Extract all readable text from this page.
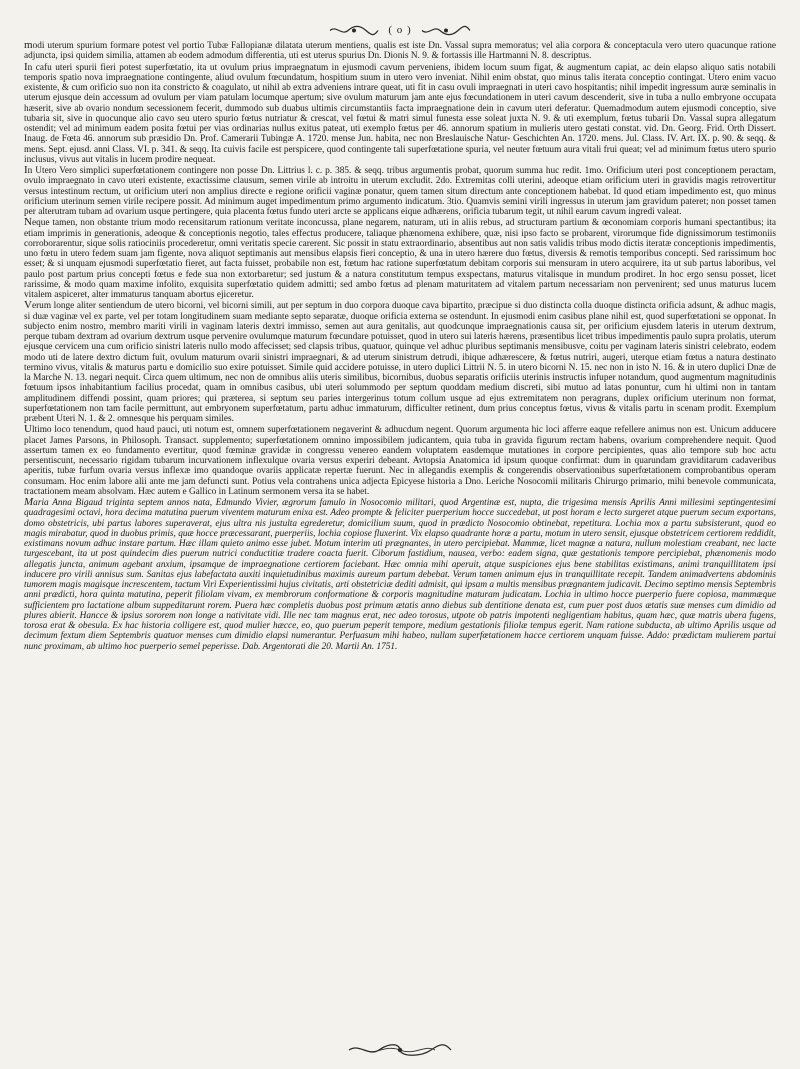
( o )

modi uterum spurium formare potest vel portio Tubæ Fallopianæ dilatata uterum mentiens, qualis est iste Dn. Vassal supra memoratus; vel alia corpora & conceptacula vero utero quacunque ratione adjuncta, ipsi quidem similia, attamen ab eodem admodum differentia, uti est uterus spurius Dn. Dionis N. 9. & fortassis ille Hartmanni N. 8. descriptus.

In cafu uteri spurii fieri potest superfœtatio, ita ut ovulum prius impraegnatum in ejusmodi cavum perveniens, ibidem locum suum figat, & augmentum capiat, ac dein elapso aliquo satis notabili temporis spatio nova impraegnatione contingente, aliud ovulum fœcundatum, hospitium suum in utero vero inveniat. Nihil enim obstat, quo minus talis iterata conceptio contingat. Utero enim vacuo existente, & cum orificio suo non ita constricto & coagulato, ut nihil ab extra adveniens intrare queat, uti fit in casu ovuli impraegnati in uteri cavo hospitantis; nihil impedit ingressum auræ seminalis in uterum ejusque dein accessum ad ovulum per viam patulam locumque apertum; sive ovulum maturum jam ante ejus fœcundationem in uteri cavum descenderit, sive in tuba a nullo embryone occupata hæserit, sive ab ovario nondum secessionem fecerit, dummodo sub duabus ultimis circumstantiis facta impraegnatione dein in cavum uteri deferatur. Quemadmodum autem ejusmodi conceptio, sive tubaria sit, sive in quocunque alio cavo seu utero spurio fœtus nutriatur & crescat, vel fœtui & matri simul funesta esse soleat juxta N. 9. & uti exemplum, fœtus tubarii Dn. Vassal supra allegatum ostendit; vel ad minimum eadem posita fœtui per vias ordinarias nullus exitus pateat, uti exemplo fœtus per 46. annorum spatium in mulieris utero gestati constat. vid. Dn. Georg. Frid. Orth Dissert. Inaug. de Fœta 46. annorum sub præsidio Dn. Prof. Camerarii Tubingæ A. 1720. mense Jun. habita, nec non Breslauische Natur- Geschichten An. 1720. mens. Jul. Class. IV. Art. IX. p. 90. & seqq. & mens. Sept. ejusd. anni Class. VI. p. 341. & seqq. Ita cuivis facile est perspicere, quod contingente tali superfœtatione spuria, vel neuter fœtuum aura vitali frui queat; vel ad minimum fœtus utero spurio inclusus, vivus aut vitalis in lucem prodire nequeat.

In Utero Vero simplici superfœtationem contingere non posse Dn. Littrius l. c. p. 385. & seqq. tribus argumentis probat, quorum summa huc redit. 1mo. Orificium uteri post conceptionem peractam, ovulo impraegnato in cavo uteri existente, exactissime clausum, semen virile ab introitu in uterum excludit. 2do. Extremitas colli uterini, adeoque etiam orificium uteri in gravidis magis retrovertitur versus intestinum rectum, ut orificium uteri non amplius directe e regione orificii vaginæ ponatur, quem tamen situm directum ante conceptionem habebat. Id quod etiam impedimento est, quo minus orificium uterinum semen virile recipere possit. Ad minimum auget impedimentum primo argumento indicatum. 3tio. Quamvis semini virili ingressus in uterum jam gravidum pateret; non posset tamen per alterutram tubam ad ovarium usque pertingere, quia placenta fœtus fundo uteri arcte se applicans eique adhærens, orificia tubarum tegit, ut nihil earum cavum ingredi valeat.

Neque tamen, non obstante trium modo recensitarum rationum veritate inconcussa, plane negarem, naturam, uti in aliis rebus, ad structuram partium & œconomiam corporis humani spectantibus; ita etiam imprimis in generationis, adeoque & conceptionis negotio, tales effectus producere, taliaque phænomena exhibere, quæ, nisi ipso facto se probarent, virorumque fide dignissimorum testimoniis corroborarentur, sique solis ratiociniis procederetur, omni veritatis specie carerent. Sic possit in statu extraordinario, absentibus aut non satis validis tribus modo dictis iteratæ conceptionis impedimentis, uno fœtu in utero fedem suam jam figente, nova aliquot septimanis aut mensibus elapsis fieri conceptio, & una in utero hærere duo fœtus, diversis & remotis temporibus concepti. Sed rarissimum hoc esset; & si unquam ejusmodi superfœtatio fieret, aut facta fuisset, probabile non est, fœtum hac ratione superfœtatum debitam corporis sui mensuram in utero acquirere, ita ut sub partus laboribus, vel paulo post partum prius concepti fœtus e fede sua non extorbaretur; sed justum & a natura constitutum tempus exspectans, maturus vitalisque in mundum prodiret. In hoc ergo sensu posset, licet rarissime, & modo quam maxime infolito, exquisita superfœtatio quidem admitti; sed ambo fœtus ad plenam maturitatem ad vitalem partum necessariam non pervenirent; sed unus maturus lucem vitalem aspiceret, alter immaturus tanquam abortus ejiceretur.

Verum longe aliter sentiendum de utero bicorni, vel bicorni simili, aut per septum in duo corpora duoque cava bipartito, præcipue si duo distincta colla duoque distincta orificia adsunt, & adhuc magis, si duæ vaginæ vel ex parte, vel per totam longitudinem suam mediante septo separatæ, duoque orificia externa se ostendunt. In ejusmodi enim casibus plane nihil est, quod superfœtationi se opponat. In subjecto enim nostro, membro mariti virili in vaginam lateris dextri immisso, semen aut aura genitalis, aut quodcunque impraegnationis causa sit, per orificium ejusdem lateris in uterum dextrum, perque tubam dextram ad ovarium dextrum usque pervenire ovulumque maturum fœcundare potuisset, quod in utero sui lateris hærens, præsentibus licet tribus impedimentis paulo supra prolatis, uterum ejusque cervicem una cum orificio sinistri lateris nullo modo affecisset; sed clapsis tribus, quatuor, quinque vel adhuc pluribus septimanis mensibusve, coitu per vaginam lateris sinistri celebrato, eodem modo uti de latere dextro dictum fuit, ovulum maturum ovarii sinistri impraegnari, & ad uterum sinistrum detrudi, ibique adhærescere, & fœtus nutriri, augeri, uterque etiam fœtus a natura destinato termino vivus, vitalis & maturus partu e domicilio suo exire potuisset. Simile quid accidere potuisse, in utero duplici Littrii N. 5. in utero bicorni N. 15. nec non in isto N. 16. & in utero duplici Dnæ de la Marche N. 13. negari nequit. Circa quem ultimum, nec non de omnibus aliis uteris similibus, bicornibus, duobus separatis orificiis uterinis instructis infuper notandum, quod augmentum magnitudinis fœtuum ipsos inhabitantium facilius procedat, quam in omnibus casibus, ubi uteri solummodo per septum quoddam medium discreti, sibi mutuo ad latas ponuntur, cum hi ultimi non in tantam amplitudinem diffendi possint, quam priores; qui præterea, si septum seu paries intergerinus totum collum usque ad ejus extremitatem non peragrans, duplex orificium uterinum non format, superfœtationem non tam facile permittunt, aut embryonem superfœtatum, partu adhuc immaturum, difficulter retinent, dum prius conceptus fœtus, vivus & vitalis partu in scenam prodit. Exemplum præbent Uteri N. 1. & 2. omnesque his perquam similes.

Ultimo loco tenendum, quod haud pauci, uti notum est, omnem superfœtationem negaverint & adhucdum negent. Quorum argumenta hic loci afferre eaque refellere animus non est. Unicum adducere placet James Parsons, in Philosoph. Transact. supplemento; superfœtationem omnino impossibilem judicantem, quia tuba in gravida figurum rectam habens, ovarium comprehendere nequit. Quod assertum tamen ex eo fundamento evertitur, quod fœminæ gravidæ in congressu venereo eandem voluptatem easdemque mutationes in corpore percipientes, quas alio tempore sub hoc actu persentiscunt, necessario rigidam tubarum incurvationem inflexulque ovaria versus experiri debeant. Avtopsia Anatomica id ipsum quoque confirmat: dum in quarundam graviditarum cadaveribus aperitis, tubæ furfum ovaria versus inflexæ imo quandoque ovariis applicatæ repertæ fuerunt. Nec in allegandis exemplis & congerendis observationibus superfœtationem comprobantibus operam consumam. Hoc enim labore alii ante me jam defuncti sunt. Potius vela contrahens unica adjecta Epicyese historia a Dno. Leriche Nosocomii militaris Chirurgo primario, mihi benevole communicata, tractationem meam absolvam. Hæc autem e Gallico in Latinum sermonem versa ita se habet.

Maria Anna Bigaud triginta septem annos nata, Edmundo Vivier, ægrorum famulo in Nosocomio militari, quod Argentinæ est, nupta, die trigesima mensis Aprilis Anni millesimi septingentesimi quadragesimi octavi, hora decima matutina puerum viventem maturum enixa est. Adeo prompte & feliciter puerperium hocce succedebat, ut post horam e lecto surgeret atque puerum secum exportans, domo obstetricis, ubi partus labores superaverat, ejus ultra nis justulta egrederetur, domicilium suum, quod in prædicto Nosocomio obtinebat, repetitura. Lochia mox a partu subsisterunt, quod eo magis mirabatur, quod in duobus primis, quæ hocce præcessarant, puerperiis, lochia copiose fluxerint. Vix elapso quadrante horæ a partu, motum in utero sensit, ejusque obstetricem certiorem reddidit, existimans novum adhuc instare partum. Hæc illam quieto animo esse jubet. Motum interim uti prægnantes, in utero percipiebat. Mammæ, licet magnæ a natura, nullum molestiam creabant, nec lacte turgescebant, ita ut post quindecim dies puerum nutrici conductitiæ tradere coacta fuerit. Ciborum fastidium, nausea, verbo: eadem signa, quæ gestationis tempore percipiebat, phænomenis modo allegatis juncta, animum agebant anxium, ipsamque de impraegnatione certiorem faciebant. Hæc omnia mihi aperuit, atque suspiciones ejus bene stabilitas existimans, animi tranquillitatem ipsi inducere pro virili annisus sum. Sanitas ejus labefactata auxiti inquietudinibus maximis aureum partum debebat. Verum tamen animum ejus in tranquillitate recepit. Tandem animadvertens abdominis tumorem magis magisque increscentem, tactum Viri Experientissimi hujus civitatis, arti obstetriciæ dediti admisit, qui ipsam a multis mensibus prægnantem judicavit. Decimo septimo mensis Septembris anni prædicti, hora quinta matutina, peperit filiolam vivam, ex membrorum conformatione & corporis magnitudine maturam judicatam. Lochia in ultimo hocce puerperio fuere copiosa, mammæque sufficientem pro lactatione album suppeditarunt rorem. Puera hæc completis duobus post primum ætatis anno diebus sub dentitione denata est, cum puer post duos ætatis suæ menses cum dimidio ad plures abierit. Hancce & ipsius sororem non longe a nativitate vidi. Ille nec tam magnus erat, nec adeo torosus, utpote ob patris impotenti negligentiam habitus, quam hæc, quæ matris ubera fugens, torosa erat & obesula. Ex hac historia colligere est, quod mulier hæcce, eo, quo puerum peperit tempore, medium gestationis filiolæ tempus egerit. Nam ratione subducta, ab ultimo Aprilis usque ad decimum fextum diem Septembris quatuor menses cum dimidio elapsi numerantur. Perfuasum mihi habeo, nullam superfœtationem hacce certiorem unquam fuisse. Addo: prædictam mulierem partui nunc proximam, ab ultimo hoc puerperio semel peperisse. Dab. Argentorati die 20. Martii An. 1751.
